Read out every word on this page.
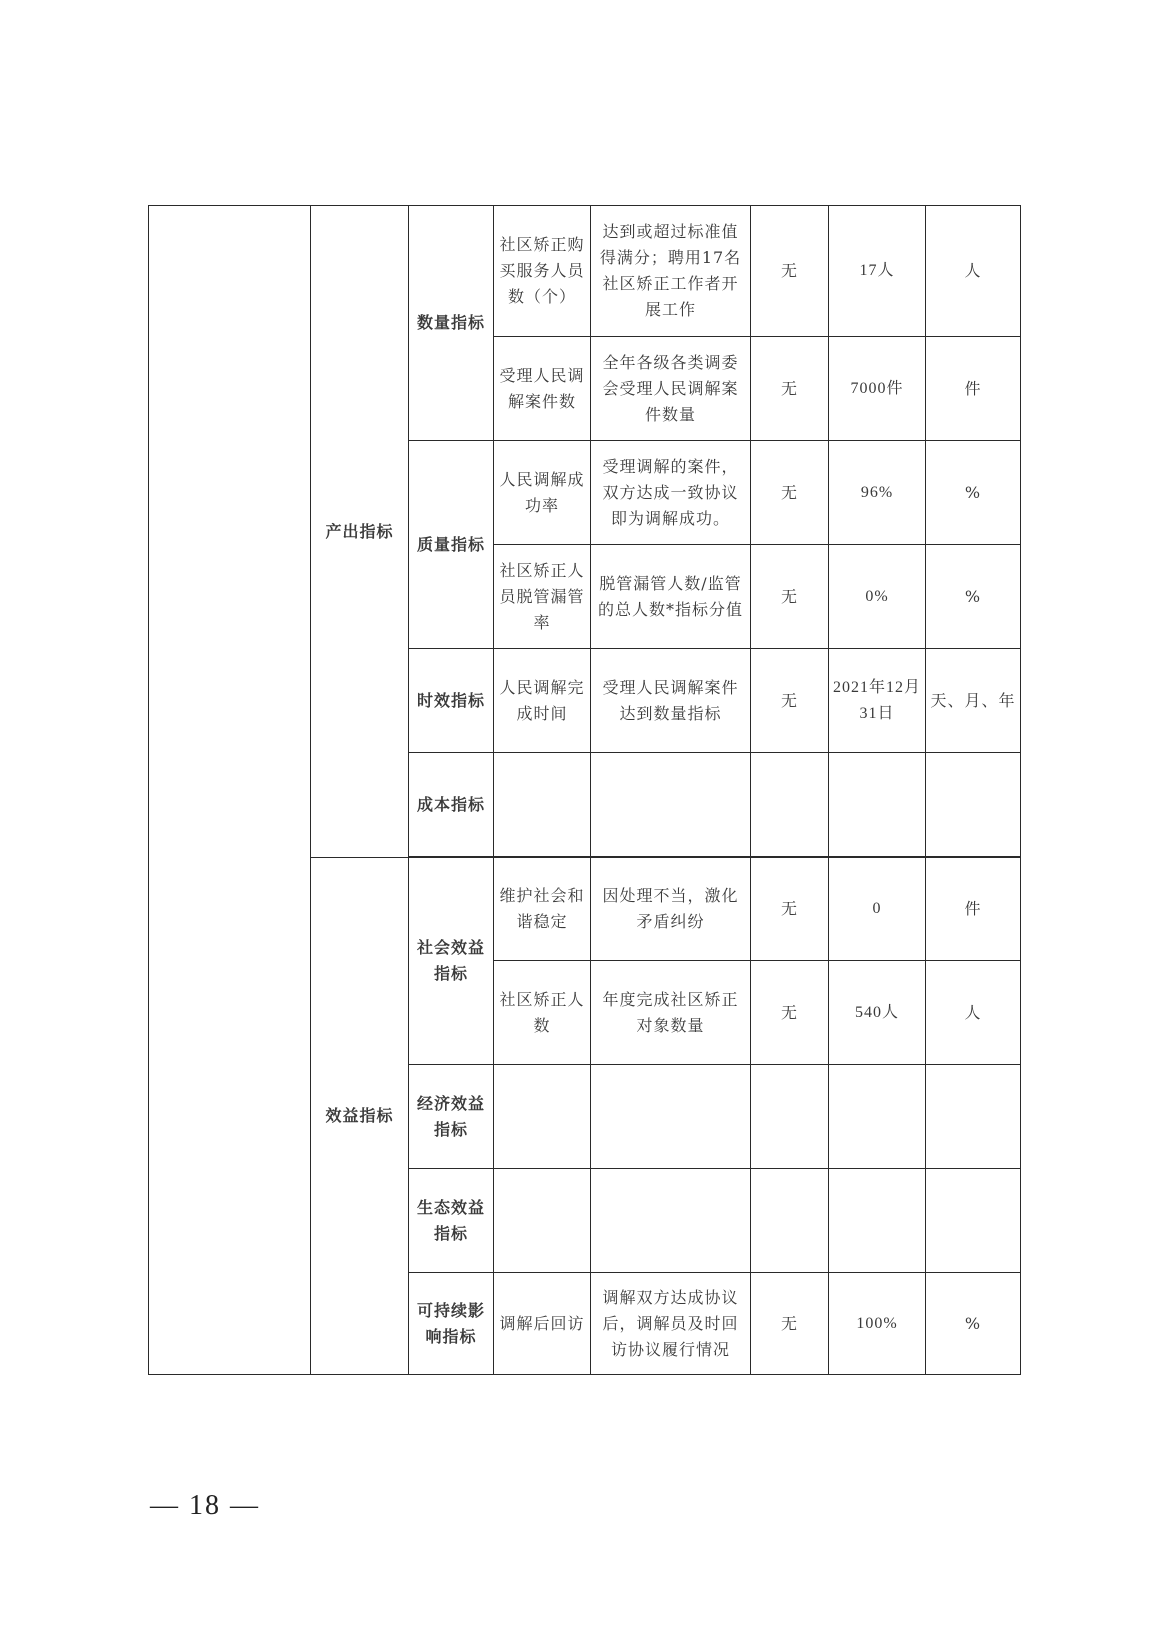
	产出指标	数量指标	社区矫正购买服务人员数（个）	达到或超过标准值得满分；聘用17名社区矫正工作者开展工作	无	17人	人
			受理人民调解案件数	全年各级各类调委会受理人民调解案件数量	无	7000件	件
		质量指标	人民调解成功率	受理调解的案件，双方达成一致协议即为调解成功。	无	96%	%
			社区矫正人员脱管漏管率	脱管漏管人数/监管的总人数*指标分值	无	0%	%
		时效指标	人民调解完成时间	受理人民调解案件达到数量指标	无	2021年12月31日	天、月、年
		成本指标					

	效益指标	社会效益指标	维护社会和谐稳定	因处理不当，激化矛盾纠纷	无	0	件
			社区矫正人数	年度完成社区矫正对象数量	无	540人	人
		经济效益指标					
		生态效益指标					
		可持续影响指标	调解后回访	调解双方达成协议后，调解员及时回访协议履行情况	无	100%	%
— 18 —
